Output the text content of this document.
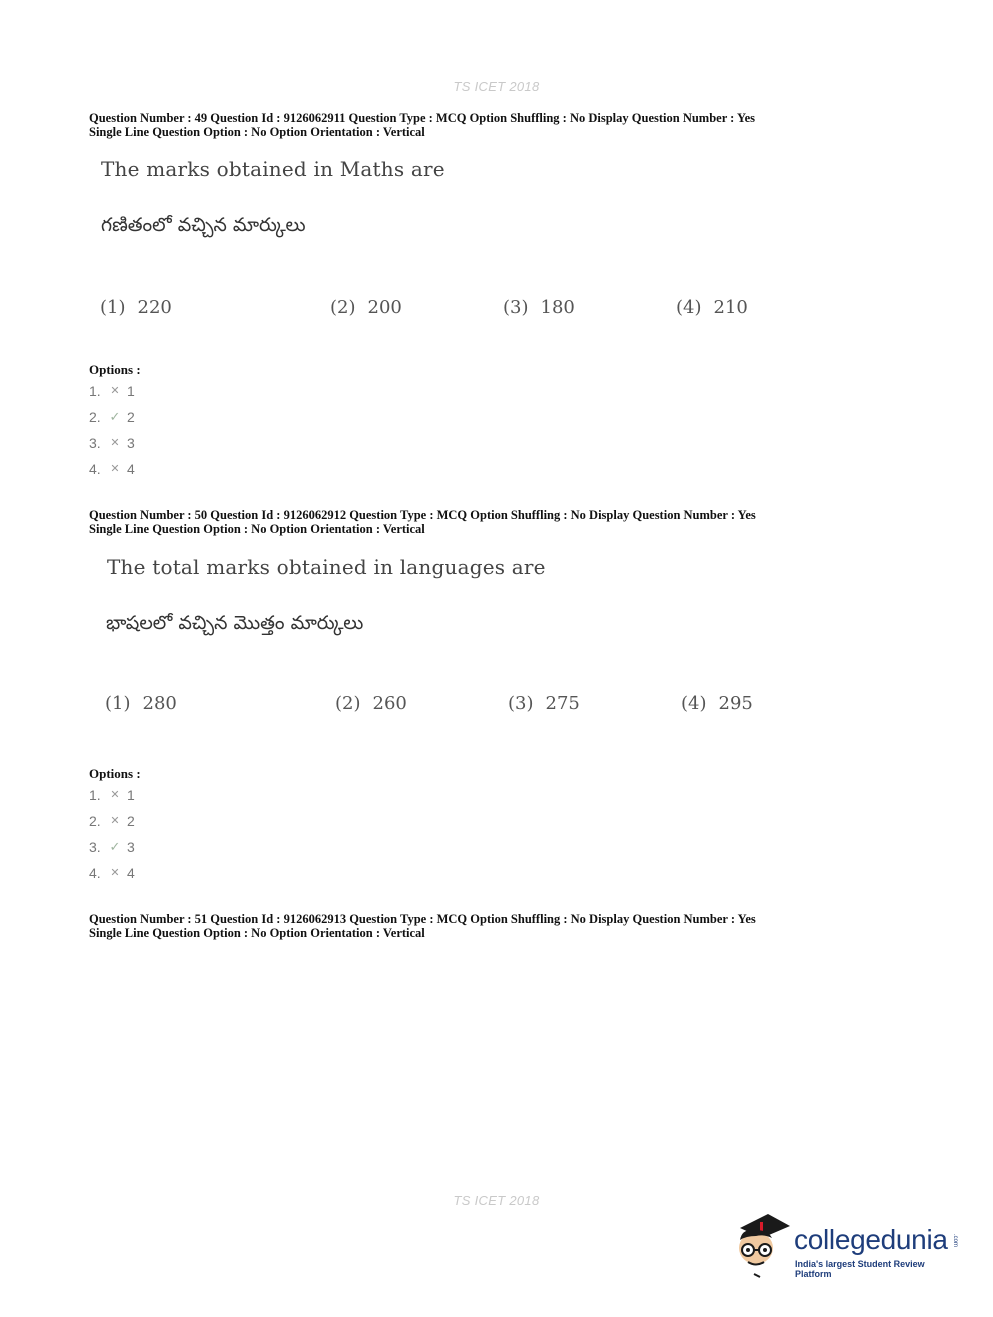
TS ICET 2018
Question Number : 49 Question Id : 9126062911 Question Type : MCQ Option Shuffling : No Display Question Number : Yes
Single Line Question Option : No Option Orientation : Vertical
The marks obtained in Maths are
గణితంలో వచ్చిన మార్కులు
(1) 220	(2) 200	(3) 180	(4) 210
Options :
1. ✕ 1
2. ✓ 2
3. ✕ 3
4. ✕ 4
Question Number : 50 Question Id : 9126062912 Question Type : MCQ Option Shuffling : No Display Question Number : Yes
Single Line Question Option : No Option Orientation : Vertical
The total marks obtained in languages are
భాషలలో వచ్చిన మొత్తం మార్కులు
(1) 280	(2) 260	(3) 275	(4) 295
Options :
1. ✕ 1
2. ✕ 2
3. ✓ 3
4. ✕ 4
Question Number : 51 Question Id : 9126062913 Question Type : MCQ Option Shuffling : No Display Question Number : Yes
Single Line Question Option : No Option Orientation : Vertical
TS ICET 2018
collegedunia .com
India's largest Student Review Platform
